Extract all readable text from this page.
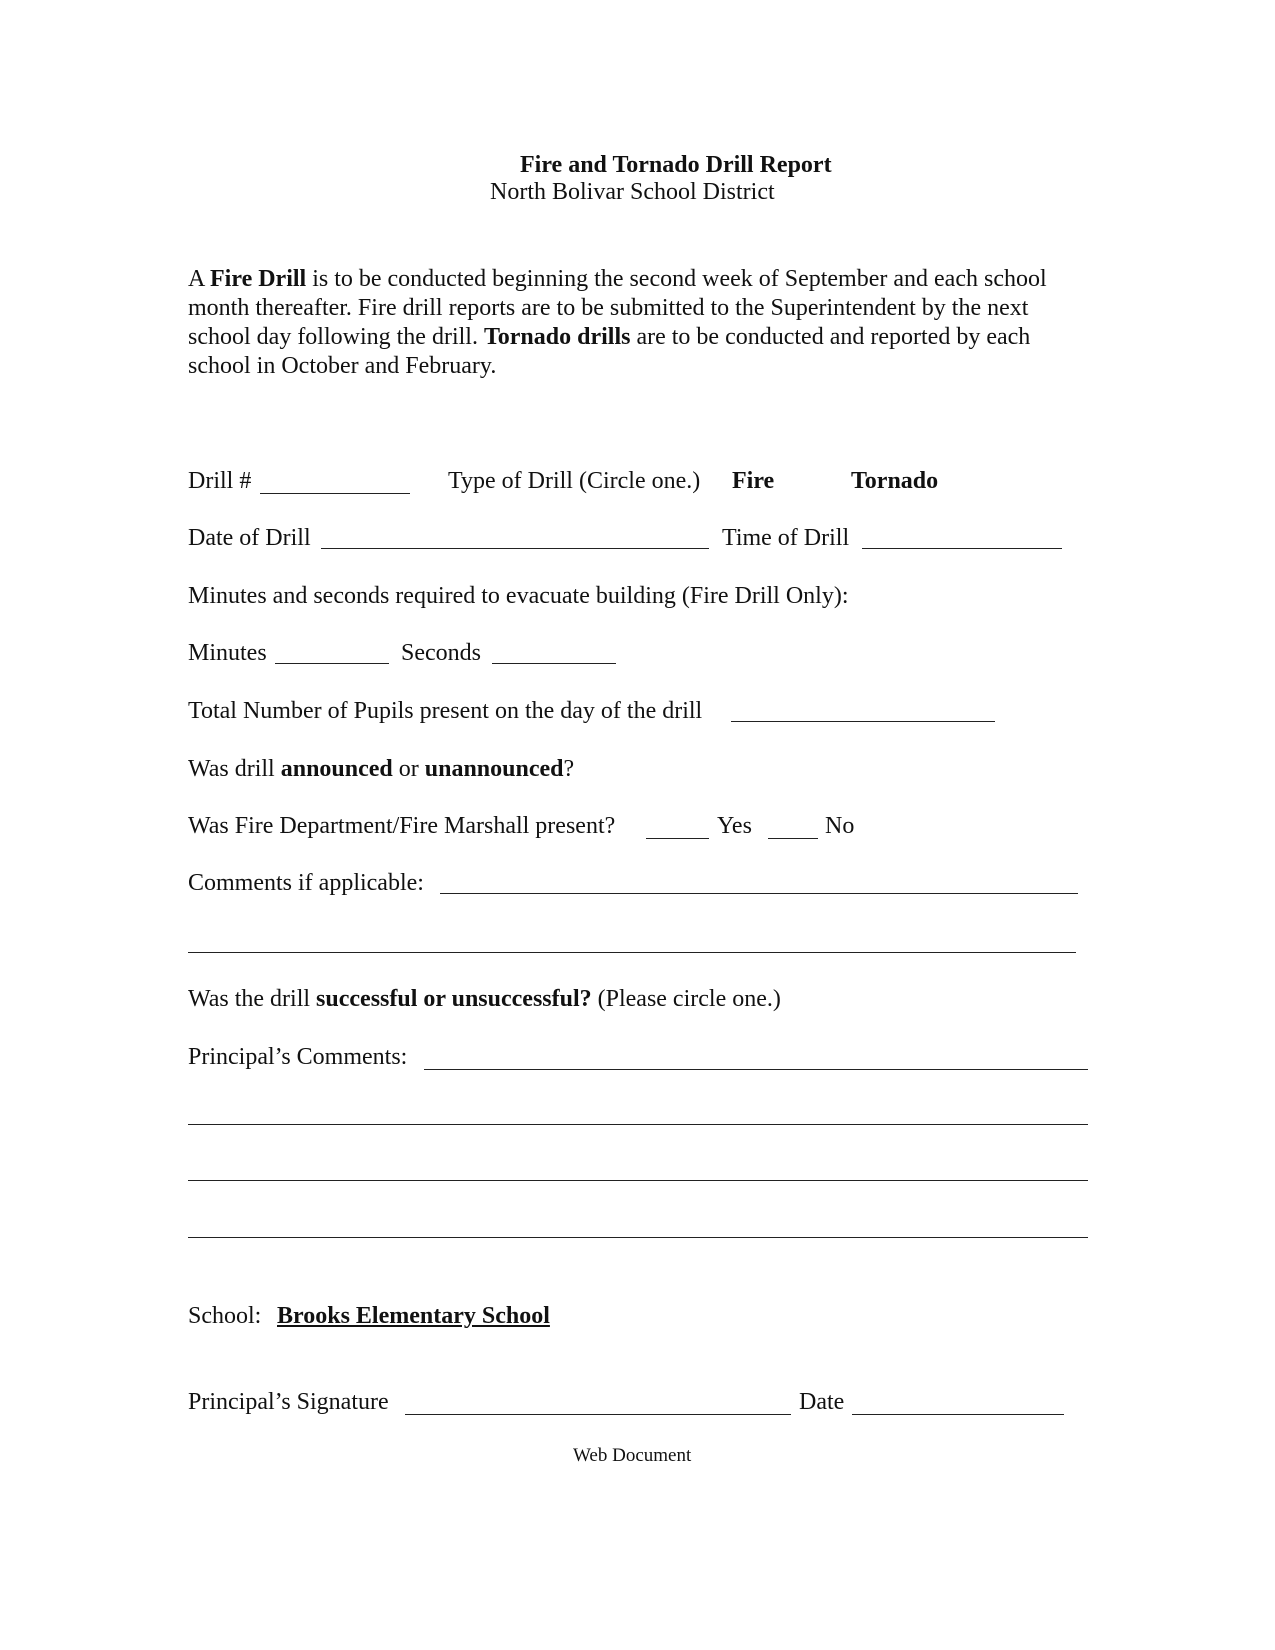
Fire and Tornado Drill Report
North Bolivar School District
A Fire Drill is to be conducted beginning the second week of September and each school
month thereafter. Fire drill reports are to be submitted to the Superintendent by the next
school day following the drill. Tornado drills are to be conducted and reported by each
school in October and February.
Drill #	Type of Drill (Circle one.) Fire	Tornado
Date of Drill	Time of Drill
Minutes and seconds required to evacuate building (Fire Drill Only):
Minutes	Seconds
Total Number of Pupils present on the day of the drill
Was drill announced or unannounced?
Was Fire Department/Fire Marshall present?	Yes	No
Comments if applicable:
Was the drill successful or unsuccessful? (Please circle one.)
Principal’s Comments:
School: Brooks Elementary School
Principal’s Signature	Date
Web Document
